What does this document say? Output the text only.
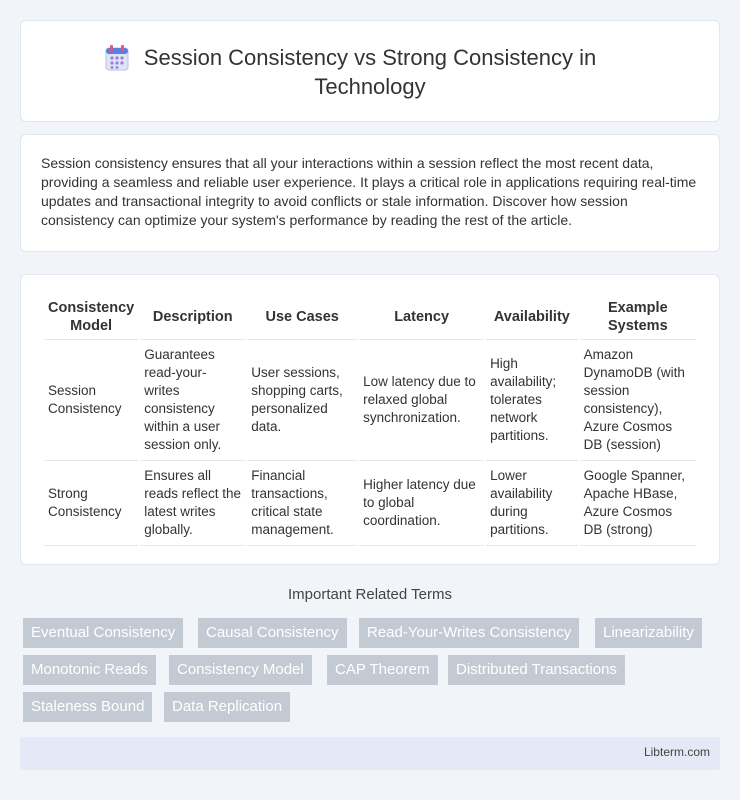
Session Consistency vs Strong Consistency in
Technology

Session consistency ensures that all your interactions within a session reflect the most recent data, providing a seamless and reliable user experience. It plays a critical role in applications requiring real-time updates and transactional integrity to avoid conflicts or stale information. Discover how session consistency can optimize your system's performance by reading the rest of the article.

Consistency Model	Description	Use Cases	Latency	Availability	Example Systems
Session Consistency	Guarantees read-your-writes consistency within a user session only.	User sessions, shopping carts, personalized data.	Low latency due to relaxed global synchronization.	High availability; tolerates network partitions.	Amazon DynamoDB (with session consistency), Azure Cosmos DB (session)
Strong Consistency	Ensures all reads reflect the latest writes globally.	Financial transactions, critical state management.	Higher latency due to global coordination.	Lower availability during partitions.	Google Spanner, Apache HBase, Azure Cosmos DB (strong)
Important Related Terms
Eventual Consistency	Causal Consistency	Read-Your-Writes Consistency	Linearizability
Monotonic Reads	Consistency Model	CAP Theorem	Distributed Transactions
Staleness Bound	Data Replication
Libterm.com
